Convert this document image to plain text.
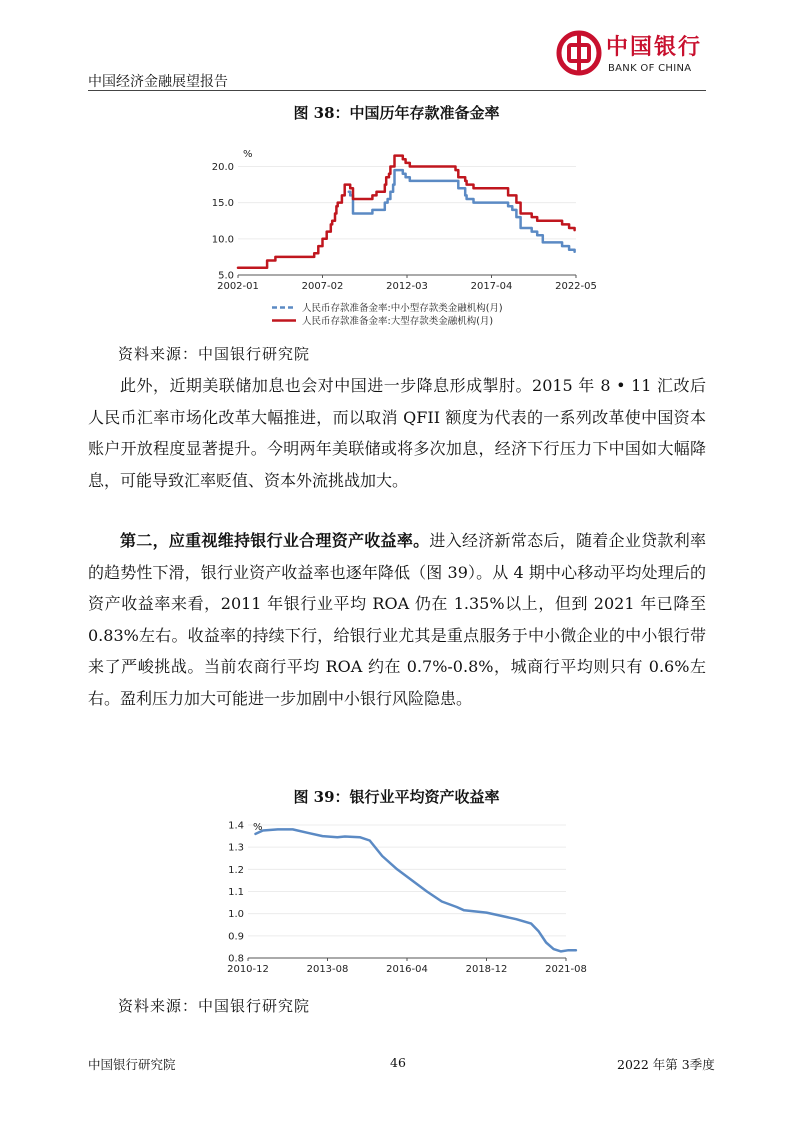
中国经济金融展望报告
中国银行
BANK OF CHINA
图 38：中国历年存款准备金率
20.0
15.0
10.0
5.0
2002-01	2007-02	2012-03	2017-04	2022-05
%
人民币存款准备金率:中小型存款类金融机构(月)
人民币存款准备金率:大型存款类金融机构(月)
资料来源：中国银行研究院

此外，近期美联储加息也会对中国进一步降息形成掣肘。2015 年 8 • 11 汇改后人民币汇率市场化改革大幅推进，而以取消 QFII 额度为代表的一系列改革使中国资本账户开放程度显著提升。今明两年美联储或将多次加息，经济下行压力下中国如大幅降息，可能导致汇率贬值、资本外流挑战加大。

第二，应重视维持银行业合理资产收益率。进入经济新常态后，随着企业贷款利率的趋势性下滑，银行业资产收益率也逐年降低（图 39）。从 4 期中心移动平均处理后的资产收益率来看，2011 年银行业平均 ROA 仍在 1.35%以上，但到 2021 年已降至 0.83%左右。收益率的持续下行，给银行业尤其是重点服务于中小微企业的中小银行带来了严峻挑战。当前农商行平均 ROA 约在 0.7%-0.8%，城商行平均则只有 0.6%左右。盈利压力加大可能进一步加剧中小银行风险隐患。

图 39：银行业平均资产收益率
1.4
1.3
1.2
1.1
1.0
0.9
0.8
2010-12	2013-08	2016-04	2018-12	2021-08
%
资料来源：中国银行研究院
中国银行研究院	46	2022 年第 3季度
